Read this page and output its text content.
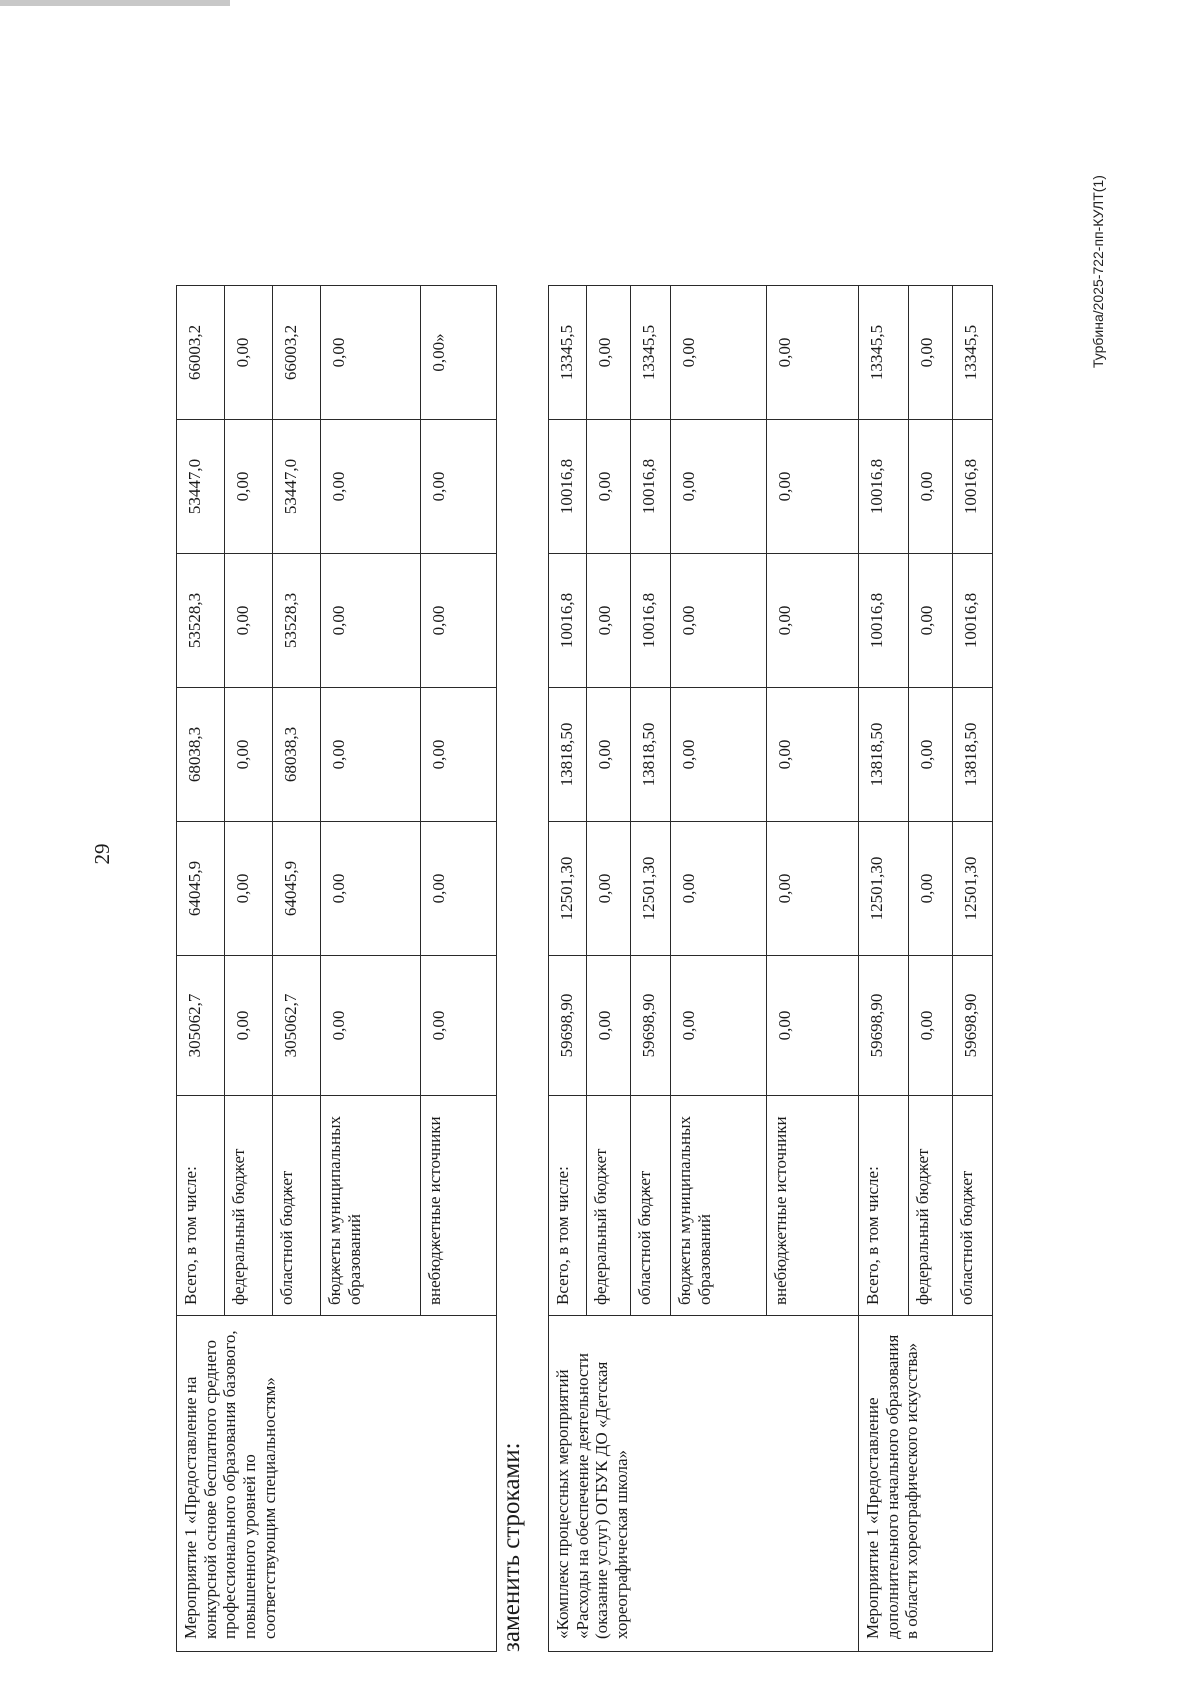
29
Мероприятие 1 «Предоставление на конкурсной основе бесплатного среднего профессионального образования базового, повышенного уровней по соответствующим специальностям»	Всего, в том числе:	305062,7	64045,9	68038,3	53528,3	53447,0	66003,2
	федеральный бюджет	0,00	0,00	0,00	0,00	0,00	0,00
	областной бюджет	305062,7	64045,9	68038,3	53528,3	53447,0	66003,2
	бюджеты муниципальных образований	0,00	0,00	0,00	0,00	0,00	0,00
	внебюджетные источники	0,00	0,00	0,00	0,00	0,00	0,00»
заменить строками: «Комплекс процессных мероприятий «Расходы на обеспечение деятельности (оказание услуг) ОГБУК ДО «Детская хореографическая школа»	Всего, в том числе:	59698,90	12501,30	13818,50	10016,8	10016,8	13345,5
	федеральный бюджет	0,00	0,00	0,00	0,00	0,00	0,00
	областной бюджет	59698,90	12501,30	13818,50	10016,8	10016,8	13345,5
	бюджеты муниципальных образований	0,00	0,00	0,00	0,00	0,00	0,00
	внебюджетные источники	0,00	0,00	0,00	0,00	0,00	0,00
Мероприятие 1 «Предоставление дополнительного начального образования в области хореографического искусства»	Всего, в том числе:	59698,90	12501,30	13818,50	10016,8	10016,8	13345,5
	федеральный бюджет	0,00	0,00	0,00	0,00	0,00	0,00
	областной бюджет	59698,90	12501,30	13818,50	10016,8	10016,8	13345,5	Турбина/2025-722-пп-КУЛТ(1)
